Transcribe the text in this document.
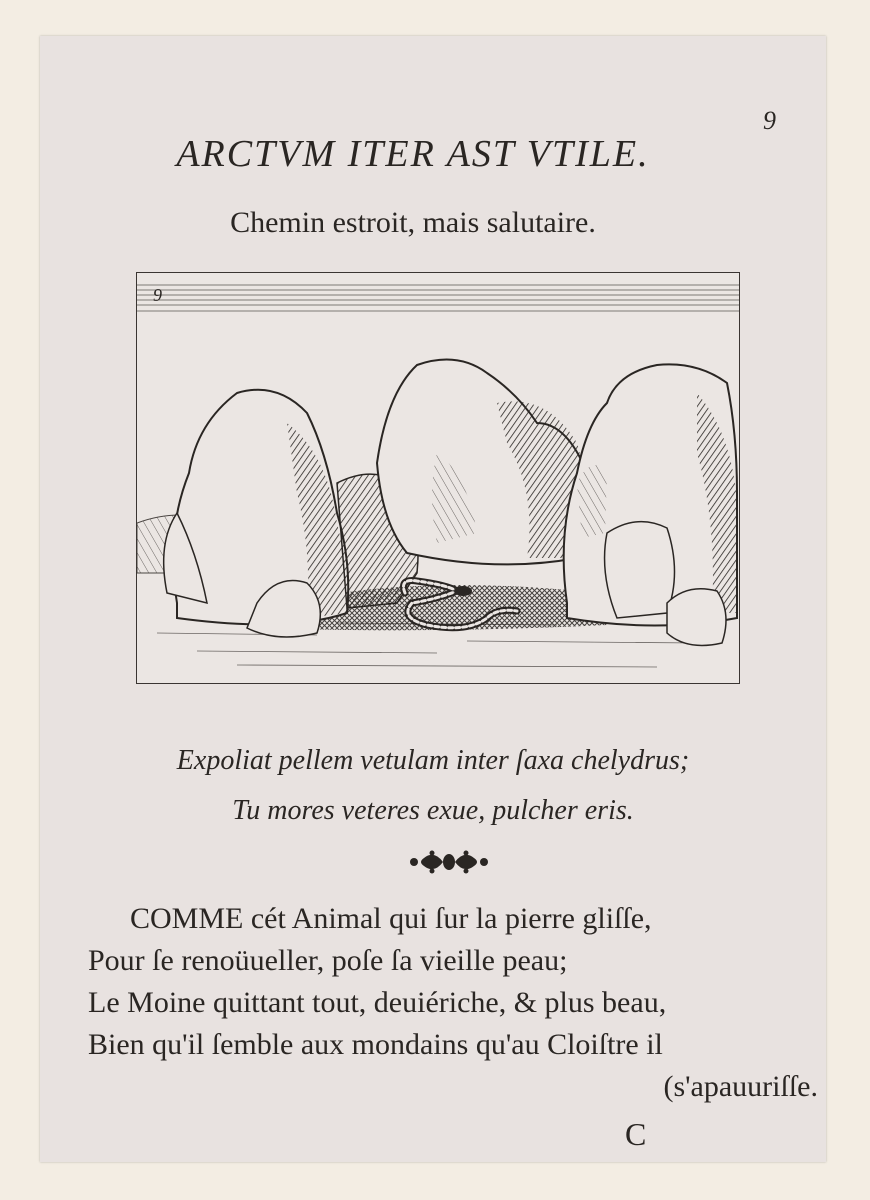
9
ARCTVM ITER AST VTILE.
Chemin estroit, mais salutaire.
9
Expoliat pellem vetulam inter ſaxa chelydrus;
Tu mores veteres exue, pulcher eris.
COMME cét Animal qui ſur la pierre gliſſe,
Pour ſe renoüueller, poſe ſa vieille peau;
Le Moine quittant tout, deuiériche, & plus beau,
Bien qu'il ſemble aux mondains qu'au Cloiſtre il
(s'apauuriſſe.
C
